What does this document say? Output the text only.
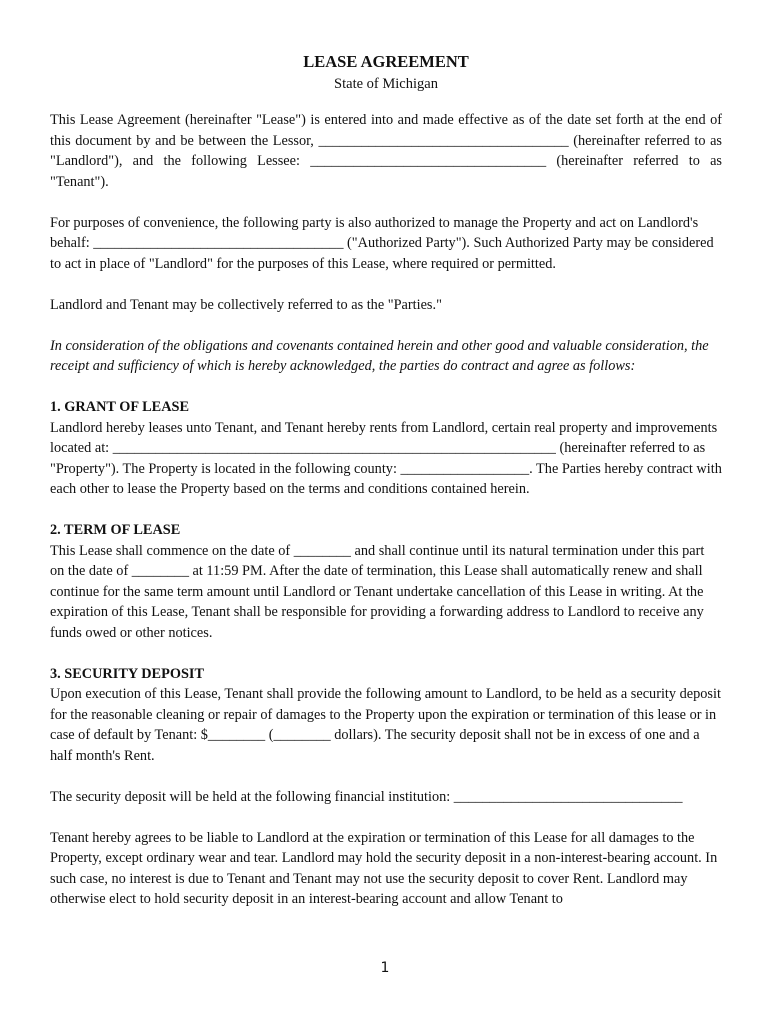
LEASE AGREEMENT
State of Michigan

This Lease Agreement (hereinafter "Lease") is entered into and made effective as of the date set forth at the end of this document by and be between the Lessor, ___________________________________ (hereinafter referred to as "Landlord"), and the following Lessee: _________________________________ (hereinafter referred to as "Tenant").

For purposes of convenience, the following party is also authorized to manage the Property and act on Landlord's behalf: ___________________________________ ("Authorized Party"). Such Authorized Party may be considered to act in place of "Landlord" for the purposes of this Lease, where required or permitted.

Landlord and Tenant may be collectively referred to as the "Parties."

In consideration of the obligations and covenants contained herein and other good and valuable consideration, the receipt and sufficiency of which is hereby acknowledged, the parties do contract and agree as follows:

1. GRANT OF LEASE

Landlord hereby leases unto Tenant, and Tenant hereby rents from Landlord, certain real property and improvements located at: ______________________________________________________________ (hereinafter referred to as "Property"). The Property is located in the following county: __________________. The Parties hereby contract with each other to lease the Property based on the terms and conditions contained herein.

2. TERM OF LEASE

This Lease shall commence on the date of ________ and shall continue until its natural termination under this part on the date of ________ at 11:59 PM. After the date of termination, this Lease shall automatically renew and shall continue for the same term amount until Landlord or Tenant undertake cancellation of this Lease in writing. At the expiration of this Lease, Tenant shall be responsible for providing a forwarding address to Landlord to receive any funds owed or other notices.

3. SECURITY DEPOSIT

Upon execution of this Lease, Tenant shall provide the following amount to Landlord, to be held as a security deposit for the reasonable cleaning or repair of damages to the Property upon the expiration or termination of this lease or in case of default by Tenant: $________ (________ dollars). The security deposit shall not be in excess of one and a half month's Rent.

The security deposit will be held at the following financial institution: ________________________________

Tenant hereby agrees to be liable to Landlord at the expiration or termination of this Lease for all damages to the Property, except ordinary wear and tear. Landlord may hold the security deposit in a non-interest-bearing account. In such case, no interest is due to Tenant and Tenant may not use the security deposit to cover Rent. Landlord may otherwise elect to hold security deposit in an interest-bearing account and allow Tenant to

1
